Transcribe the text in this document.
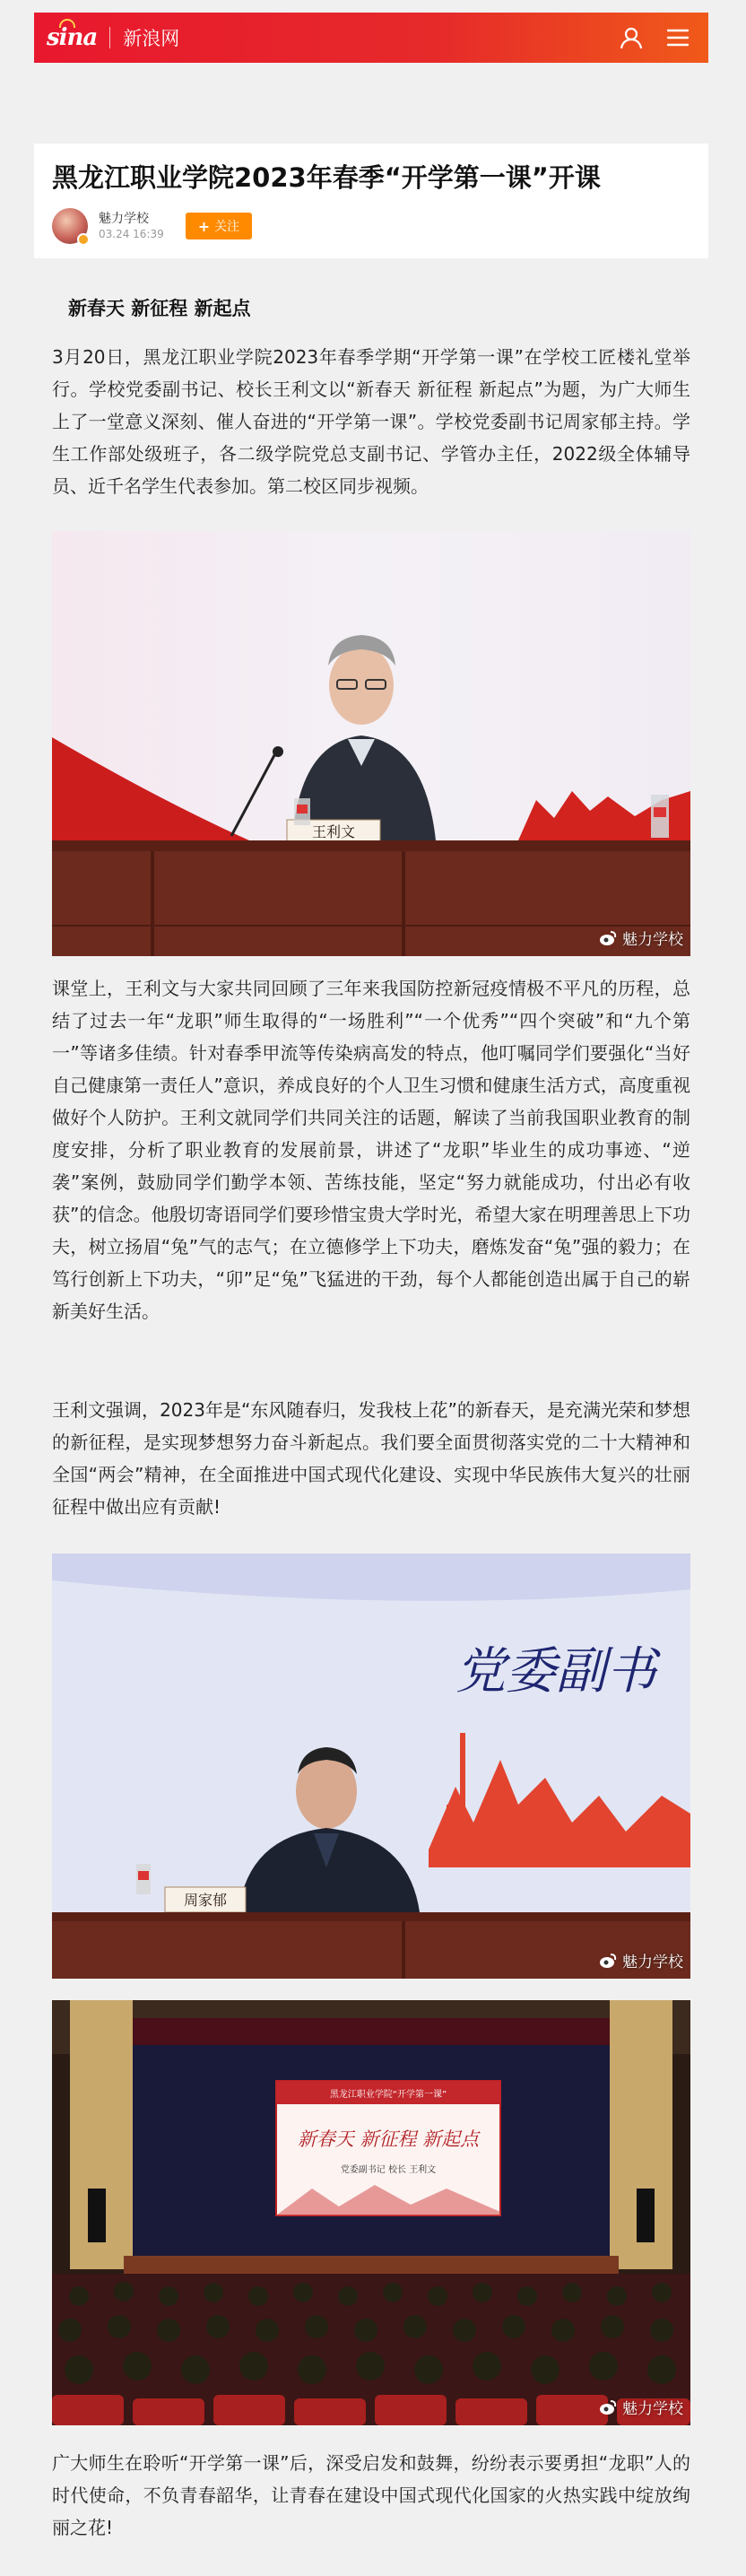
sina 新浪网
黑龙江职业学院2023年春季“开学第一课”开课
魅力学校
03.24 16:39 + 关注
新春天 新征程 新起点

3月20日，黑龙江职业学院2023年春季学期“开学第一课”在学校工匠楼礼堂举行。学校党委副书记、校长王利文以“新春天 新征程 新起点”为题，为广大师生上了一堂意义深刻、催人奋进的“开学第一课”。学校党委副书记周家郁主持。学生工作部处级班子，各二级学院党总支副书记、学管办主任，2022级全体辅导员、近千名学生代表参加。第二校区同步视频。

王利文
魅力学校

课堂上，王利文与大家共同回顾了三年来我国防控新冠疫情极不平凡的历程，总结了过去一年“龙职”师生取得的“一场胜利”“一个优秀”“四个突破”和“九个第一”等诸多佳绩。针对春季甲流等传染病高发的特点，他叮嘱同学们要强化“当好自己健康第一责任人”意识，养成良好的个人卫生习惯和健康生活方式，高度重视做好个人防护。王利文就同学们共同关注的话题，解读了当前我国职业教育的制度安排，分析了职业教育的发展前景，讲述了“龙职”毕业生的成功事迹、“逆袭”案例，鼓励同学们勤学本领、苦练技能，坚定“努力就能成功，付出必有收获”的信念。他殷切寄语同学们要珍惜宝贵大学时光，希望大家在明理善思上下功夫，树立扬眉“兔”气的志气；在立德修学上下功夫，磨炼发奋“兔”强的毅力；在笃行创新上下功夫，“卯”足“兔”飞猛进的干劲，每个人都能创造出属于自己的崭新美好生活。

王利文强调，2023年是“东风随春归，发我枝上花”的新春天，是充满光荣和梦想的新征程，是实现梦想努力奋斗新起点。我们要全面贯彻落实党的二十大精神和全国“两会”精神，在全面推进中国式现代化建设、实现中华民族伟大复兴的壮丽征程中做出应有贡献!

党委副书
周家郁
魅力学校
黑龙江职业学院“开学第一课”
新春天 新征程 新起点
党委副书记 校长 王利文
魅力学校

广大师生在聆听“开学第一课”后，深受启发和鼓舞，纷纷表示要勇担“龙职”人的时代使命，不负青春韶华，让青春在建设中国式现代化国家的火热实践中绽放绚丽之花!
